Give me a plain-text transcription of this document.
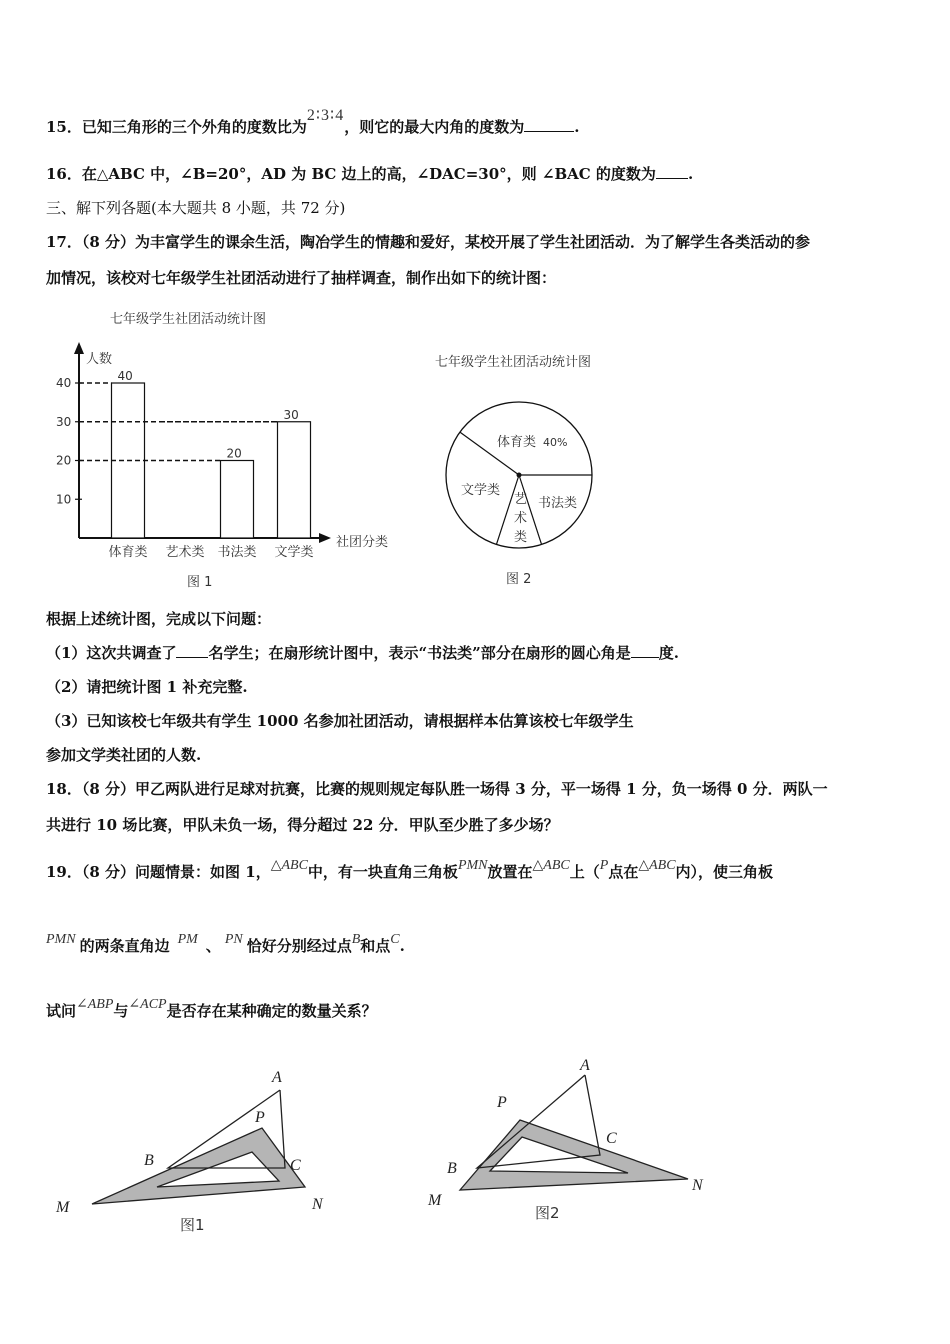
15．已知三角形的三个外角的度数比为2∶3∶4，则它的最大内角的度数为	.
16．在△ABC 中，∠B=20°，AD 为 BC 边上的高，∠DAC=30°，则 ∠BAC 的度数为 .
三、解下列各题(本大题共 8 小题，共 72 分)
17．（8 分）为丰富学生的课余生活，陶冶学生的情趣和爱好，某校开展了学生社团活动．为了解学生各类活动的参
加情况，该校对七年级学生社团活动进行了抽样调查，制作出如下的统计图：
七年级学生社团活动统计图
人数
社团分类
10
20
30
40
体育类
40
艺术类 书法类
20
文学类
30
图 1
七年级学生社团活动统计图
体育类 40%
书法类
文学类
艺
术
类
图 2
根据上述统计图，完成以下问题：
（1）这次共调查了 名学生；在扇形统计图中，表示“书法类”部分在扇形的圆心角是 度.
（2）请把统计图 1 补充完整.
（3）已知该校七年级共有学生 1000 名参加社团活动，请根据样本估算该校七年级学生
参加文学类社团的人数.
18．（8 分）甲乙两队进行足球对抗赛，比赛的规则规定每队胜一场得 3 分，平一场得 1 分，负一场得 0 分．两队一
共进行 10 场比赛，甲队未负一场，得分超过 22 分．甲队至少胜了多少场？
19．（8 分）问题情景：如图 1，△ABC中，有一块直角三角板PMN放置在△ABC上（P点在△ABC内），使三角板
PMN 的两条直角边 PM 、 PN 恰好分别经过点B和点C.
试问∠ABP与∠ACP是否存在某种确定的数量关系？
A
P
B	C
M	N
图1
A
P
B
C
M
N
图2
